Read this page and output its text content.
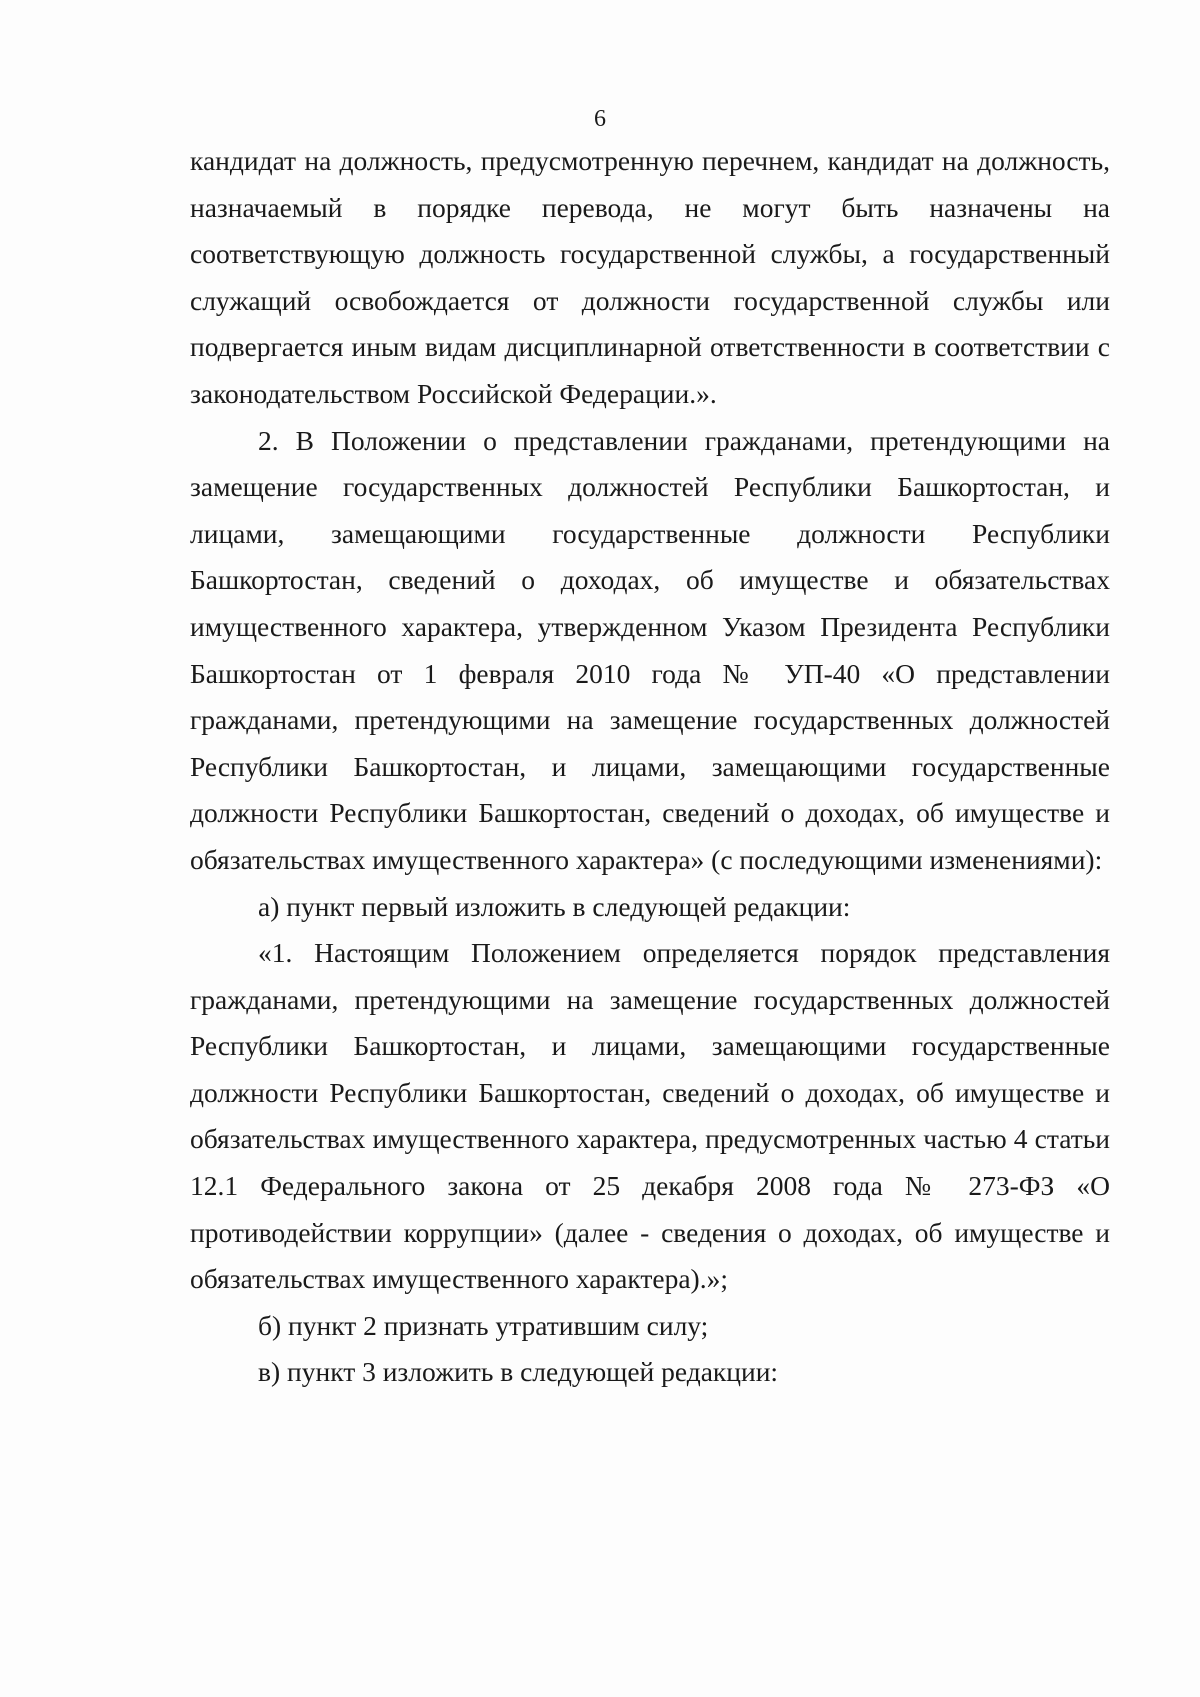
6

кандидат на должность, предусмотренную перечнем, кандидат на должность, назначаемый в порядке перевода, не могут быть назначены на соответствующую должность государственной службы, а государственный служащий освобождается от должности государственной службы или подвергается иным видам дисциплинарной ответственности в соответствии с законодательством Российской Федерации.».

2. В Положении о представлении гражданами, претендующими на замещение государственных должностей Республики Башкортостан, и лицами, замещающими государственные должности Республики Башкортостан, сведений о доходах, об имуществе и обязательствах имущественного характера, утвержденном Указом Президента Республики Башкортостан от 1 февраля 2010 года № УП-40 «О представлении гражданами, претендующими на замещение государственных должностей Республики Башкортостан, и лицами, замещающими государственные должности Республики Башкортостан, сведений о доходах, об имуществе и обязательствах имущественного характера» (с последующими изменениями):

а) пункт первый изложить в следующей редакции:

«1. Настоящим Положением определяется порядок представления гражданами, претендующими на замещение государственных должностей Республики Башкортостан, и лицами, замещающими государственные должности Республики Башкортостан, сведений о доходах, об имуществе и обязательствах имущественного характера, предусмотренных частью 4 статьи 12.1 Федерального закона от 25 декабря 2008 года № 273-ФЗ «О противодействии коррупции» (далее - сведения о доходах, об имуществе и обязательствах имущественного характера).»;

б) пункт 2 признать утратившим силу;

в) пункт 3 изложить в следующей редакции:
